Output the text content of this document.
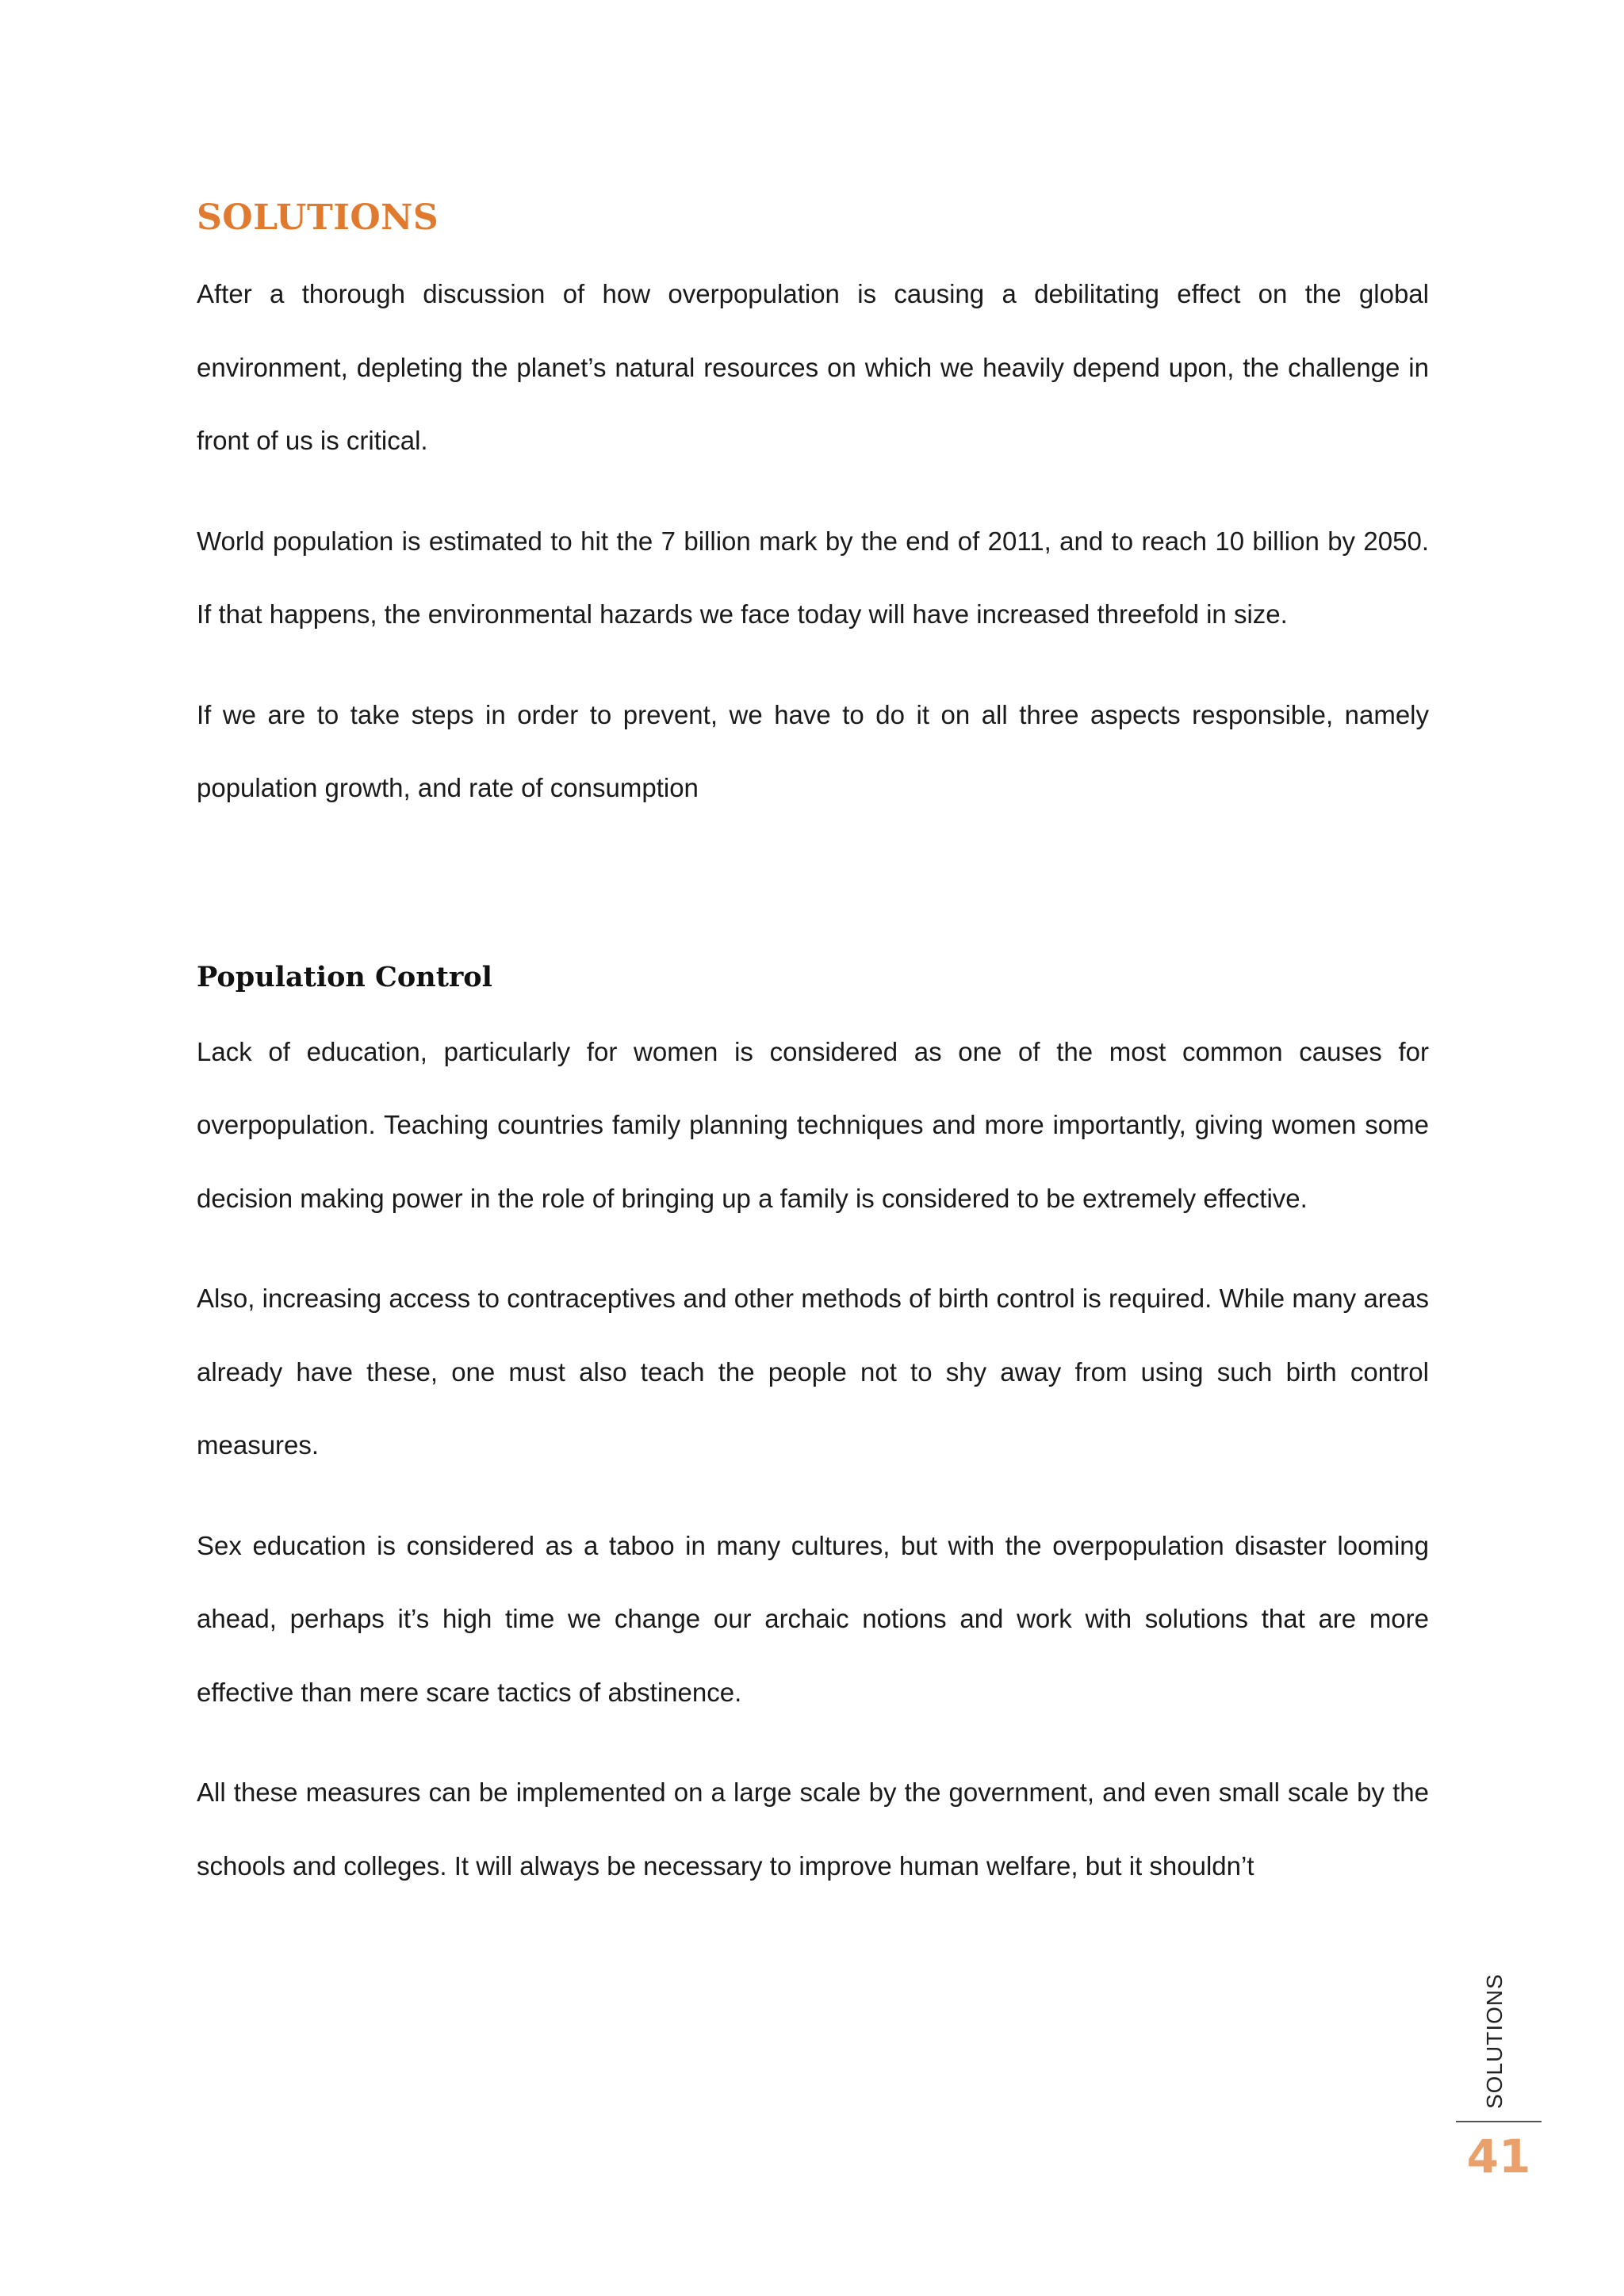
SOLUTIONS

After a thorough discussion of how overpopulation is causing a debilitating effect on the global environment, depleting the planet’s natural resources on which we heavily depend upon, the challenge in front of us is critical.

World population is estimated to hit the 7 billion mark by the end of 2011, and to reach 10 billion by 2050. If that happens, the environmental hazards we face today will have increased threefold in size.

If we are to take steps in order to prevent, we have to do it on all three aspects responsible, namely population growth, and rate of consumption

Population Control

Lack of education, particularly for women is considered as one of the most common causes for overpopulation. Teaching countries family planning techniques and more importantly, giving women some decision making power in the role of bringing up a family is considered to be extremely effective.

Also, increasing access to contraceptives and other methods of birth control is required. While many areas already have these, one must also teach the people not to shy away from using such birth control measures.

Sex education is considered as a taboo in many cultures, but with the overpopulation disaster looming ahead, perhaps it’s high time we change our archaic notions and work with solutions that are more effective than mere scare tactics of abstinence.

All these measures can be implemented on a large scale by the government, and even small scale by the schools and colleges. It will always be necessary to improve human welfare, but it shouldn’t

SOLUTIONS
41
